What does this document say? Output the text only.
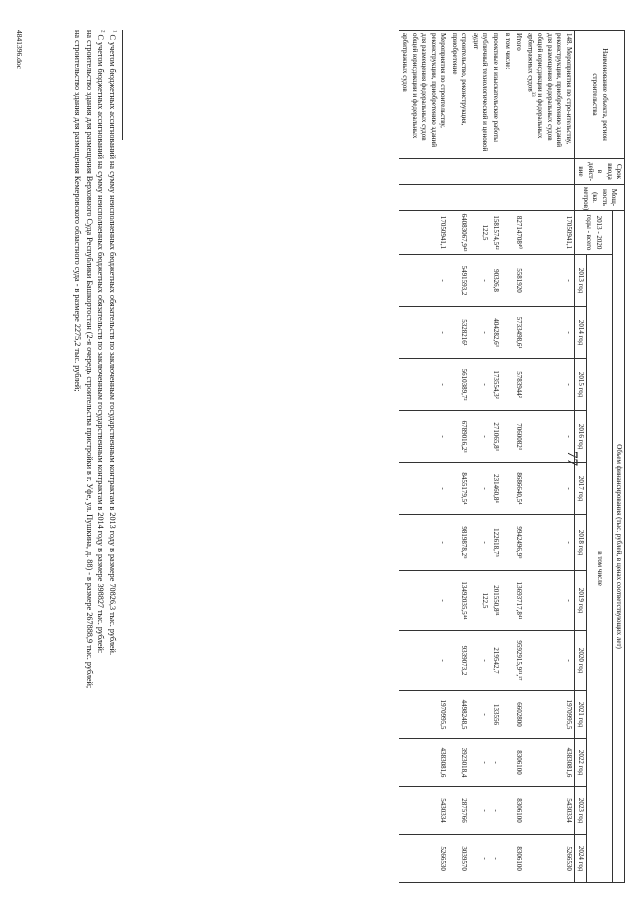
77
Наименование объекта, регион строительства	Срок ввода в дейст-вие	Мощ-ность (кв. метров)	Объем финансирования (тыс. рублей, в ценах соответствующих лет)												
			2013 - 2020 годы - всего	в том числе											
				2013 год	2014 год	2015 год	2016 год	2017 год	2018 год	2019 год	2020 год	2021 год	2022 год	2023 год	2024 год
148. Мероприятия по стро-ительству, реконструкции, приобретению зданий для размещения федеральных судов общей юрисдикции и федеральных арбитражных судов$^{33}$			17050941,1	-	-	-	-	-	-	-	-	1970995,5	4383081,6	5430334	5266530
Итого			82714708⁴⁰	5581920	5733498,6¹	5783944²	7060082³	8686640,5⁴	9942496,9⁵	13693717,8⁴¹	9592915,9³¹,¹⁷	6602800	8306100	8306100	8306100
в том числе:															
проектные и изыскательские работы			1581574,5⁴²	90326,8	404282,6³	173554,3²	271065,8³	231460,8⁴	122618,7⁵	201550,8³¹	219542,7	133556	-	-	-
публичный технологический и ценовой аудит			122,5	-	-	-	-	-	-	122,5	-	-	-	-	-
строительство, реконструкция, приобретение			64083067,9⁴³	5491593,2	5328216¹	5610389,7²	6789016,2³	8455179,5⁴	9819878,2⁵	13492035,5⁴⁴	9339073,2	4498248,5	3923018,4	2875766	3039570
Мероприятия по строительству, реконструкции, приобретению зданий для размещения федеральных судов общей юрисдикции и федеральных арбитражных судов			17050941,1	-	-	-	-	-	-	-	-	1970995,5	4383081,6	5430334	5266530

$^1$ С учетом бюджетных ассигнований на сумму неисполненных бюджетных обязательств по заключенным государственным контрактам в 2013 году в размере 70826,3 тыс. рублей.

$^2$ С учетом бюджетных ассигнований на сумму неисполненных бюджетных обязательств по заключенным государственным контрактам в 2014 году в размере 398827 тыс. рублей:

на строительство здания для размещения Верховного Суда Республики Башкортостан (2-я очередь строительства пристройки в г. Уфе, ул. Пушкина, д. 88) - в размере 267888,9 тыс. рублей;

на строительство здания для размещения Кемеровского областного суда - в размере 2275,2 тыс. рублей;

4841396.doc
